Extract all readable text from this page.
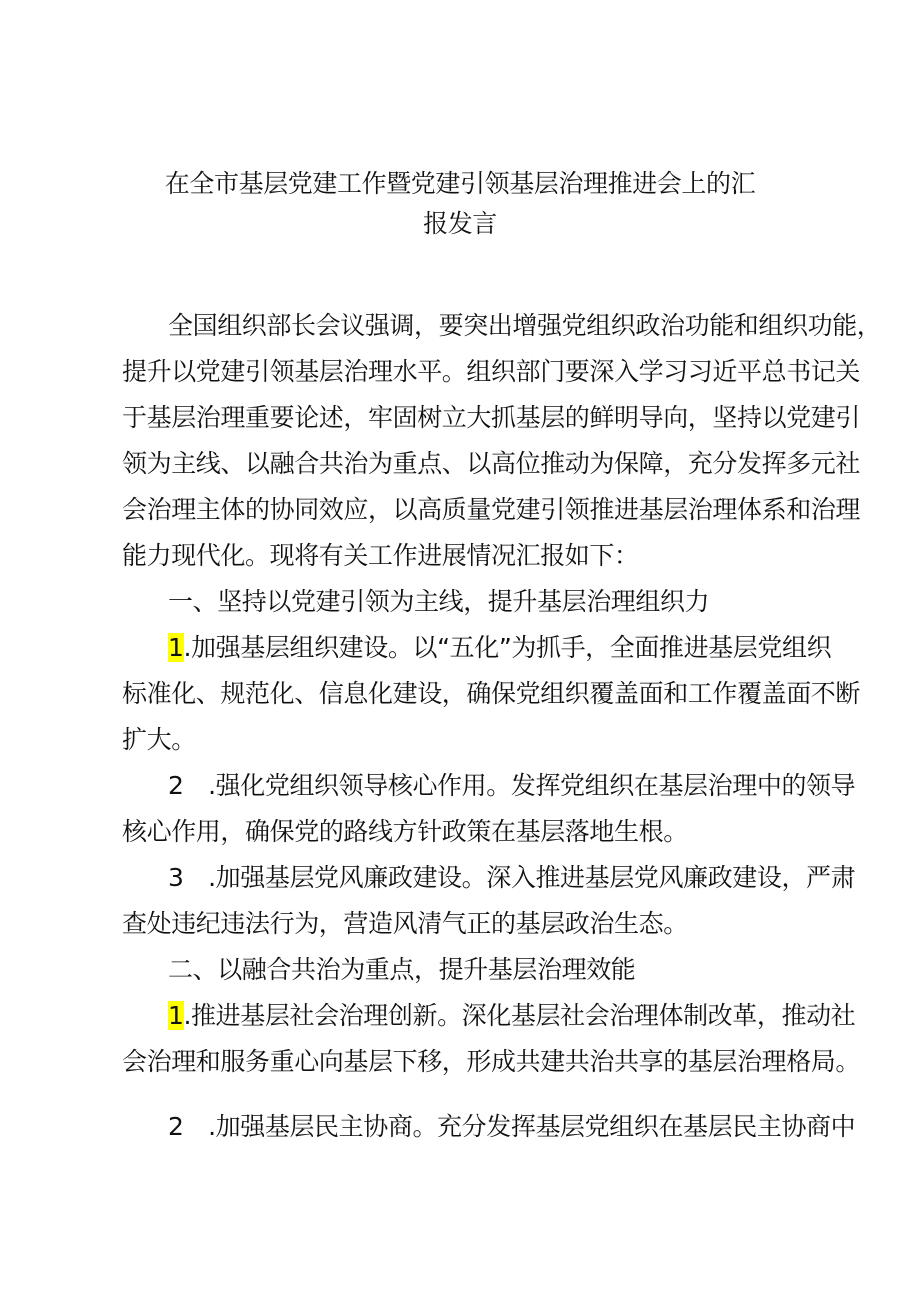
在全市基层党建工作暨党建引领基层治理推进会上的汇
报发言
全国组织部长会议强调，要突出增强党组织政治功能和组织功能，
提升以党建引领基层治理水平。组织部门要深入学习习近平总书记关
于基层治理重要论述，牢固树立大抓基层的鲜明导向，坚持以党建引
领为主线、以融合共治为重点、以高位推动为保障，充分发挥多元社
会治理主体的协同效应，以高质量党建引领推进基层治理体系和治理
能力现代化。现将有关工作进展情况汇报如下：
一、坚持以党建引领为主线，提升基层治理组织力
1.加强基层组织建设。以“五化”为抓手，全面推进基层党组织
标准化、规范化、信息化建设，确保党组织覆盖面和工作覆盖面不断
扩大。
2　.强化党组织领导核心作用。发挥党组织在基层治理中的领导
核心作用，确保党的路线方针政策在基层落地生根。
3　.加强基层党风廉政建设。深入推进基层党风廉政建设，严肃
查处违纪违法行为，营造风清气正的基层政治生态。
二、以融合共治为重点，提升基层治理效能
1.推进基层社会治理创新。深化基层社会治理体制改革，推动社
会治理和服务重心向基层下移，形成共建共治共享的基层治理格局。
2　.加强基层民主协商。充分发挥基层党组织在基层民主协商中
